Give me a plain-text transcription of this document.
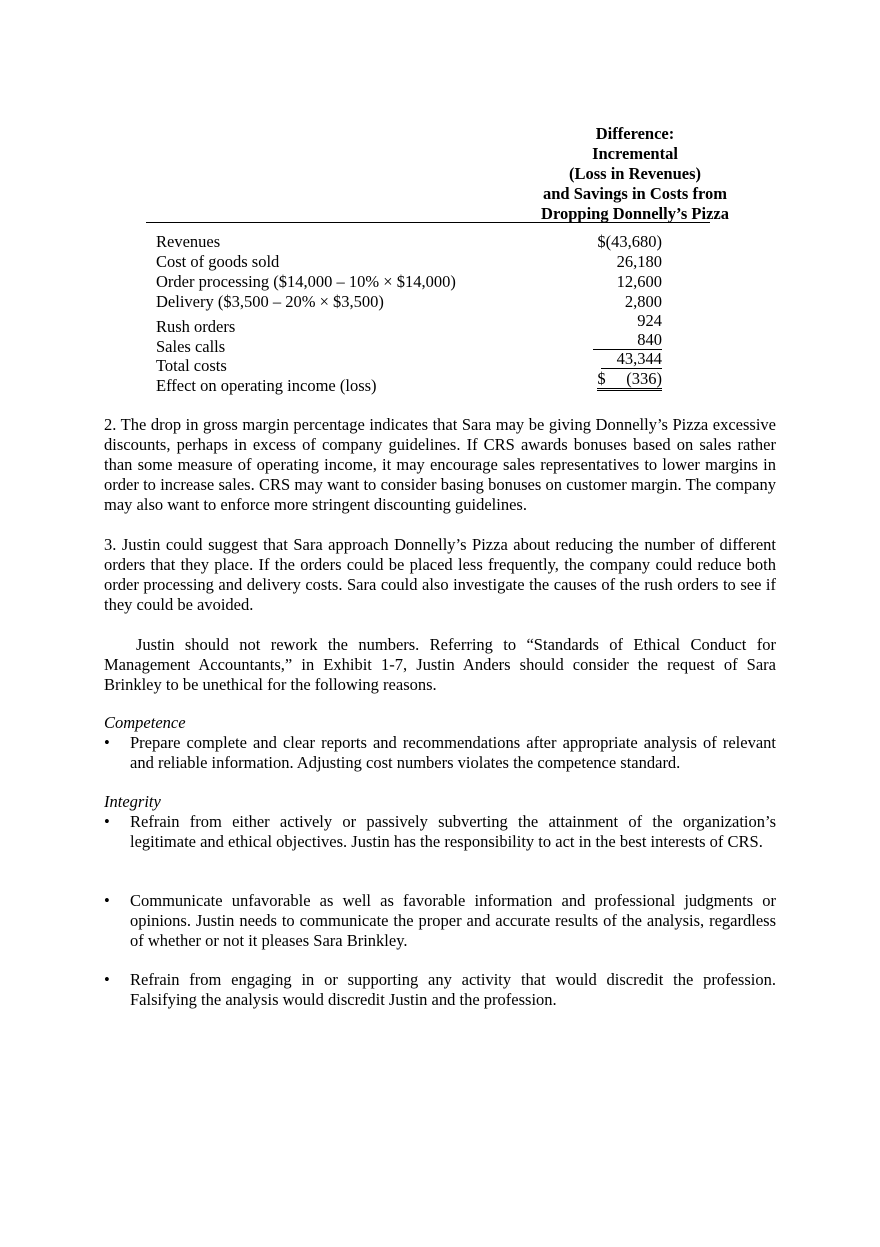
Difference:
Incremental
(Loss in Revenues)
and Savings in Costs from
Dropping Donnelly’s Pizza
Revenues	$(43,680)
Cost of goods sold	26,180
Order processing ($14,000 – 10% × $14,000)	12,600
Delivery ($3,500 – 20% × $3,500)	2,800
Rush orders	924
Sales calls	840
Total costs	43,344
Effect on operating income (loss)	$     (336)
2. The drop in gross margin percentage indicates that Sara may be giving Donnelly’s Pizza excessive discounts, perhaps in excess of company guidelines. If CRS awards bonuses based on sales rather than some measure of operating income, it may encourage sales representatives to lower margins in order to increase sales. CRS may want to consider basing bonuses on customer margin. The company may also want to enforce more stringent discounting guidelines.
3. Justin could suggest that Sara approach Donnelly’s Pizza about reducing the number of different orders that they place. If the orders could be placed less frequently, the company could reduce both order processing and delivery costs. Sara could also investigate the causes of the rush orders to see if they could be avoided.
Justin should not rework the numbers. Referring to “Standards of Ethical Conduct for Management Accountants,” in Exhibit 1-7, Justin Anders should consider the request of Sara Brinkley to be unethical for the following reasons.
Competence
•	Prepare complete and clear reports and recommendations after appropriate analysis of relevant and reliable information. Adjusting cost numbers violates the competence standard.
Integrity
•	Refrain from either actively or passively subverting the attainment of the organization’s legitimate and ethical objectives. Justin has the responsibility to act in the best interests of CRS.
•	Communicate unfavorable as well as favorable information and professional judgments or opinions. Justin needs to communicate the proper and accurate results of the analysis, regardless of whether or not it pleases Sara Brinkley.
•	Refrain from engaging in or supporting any activity that would discredit the profession. Falsifying the analysis would discredit Justin and the profession.
